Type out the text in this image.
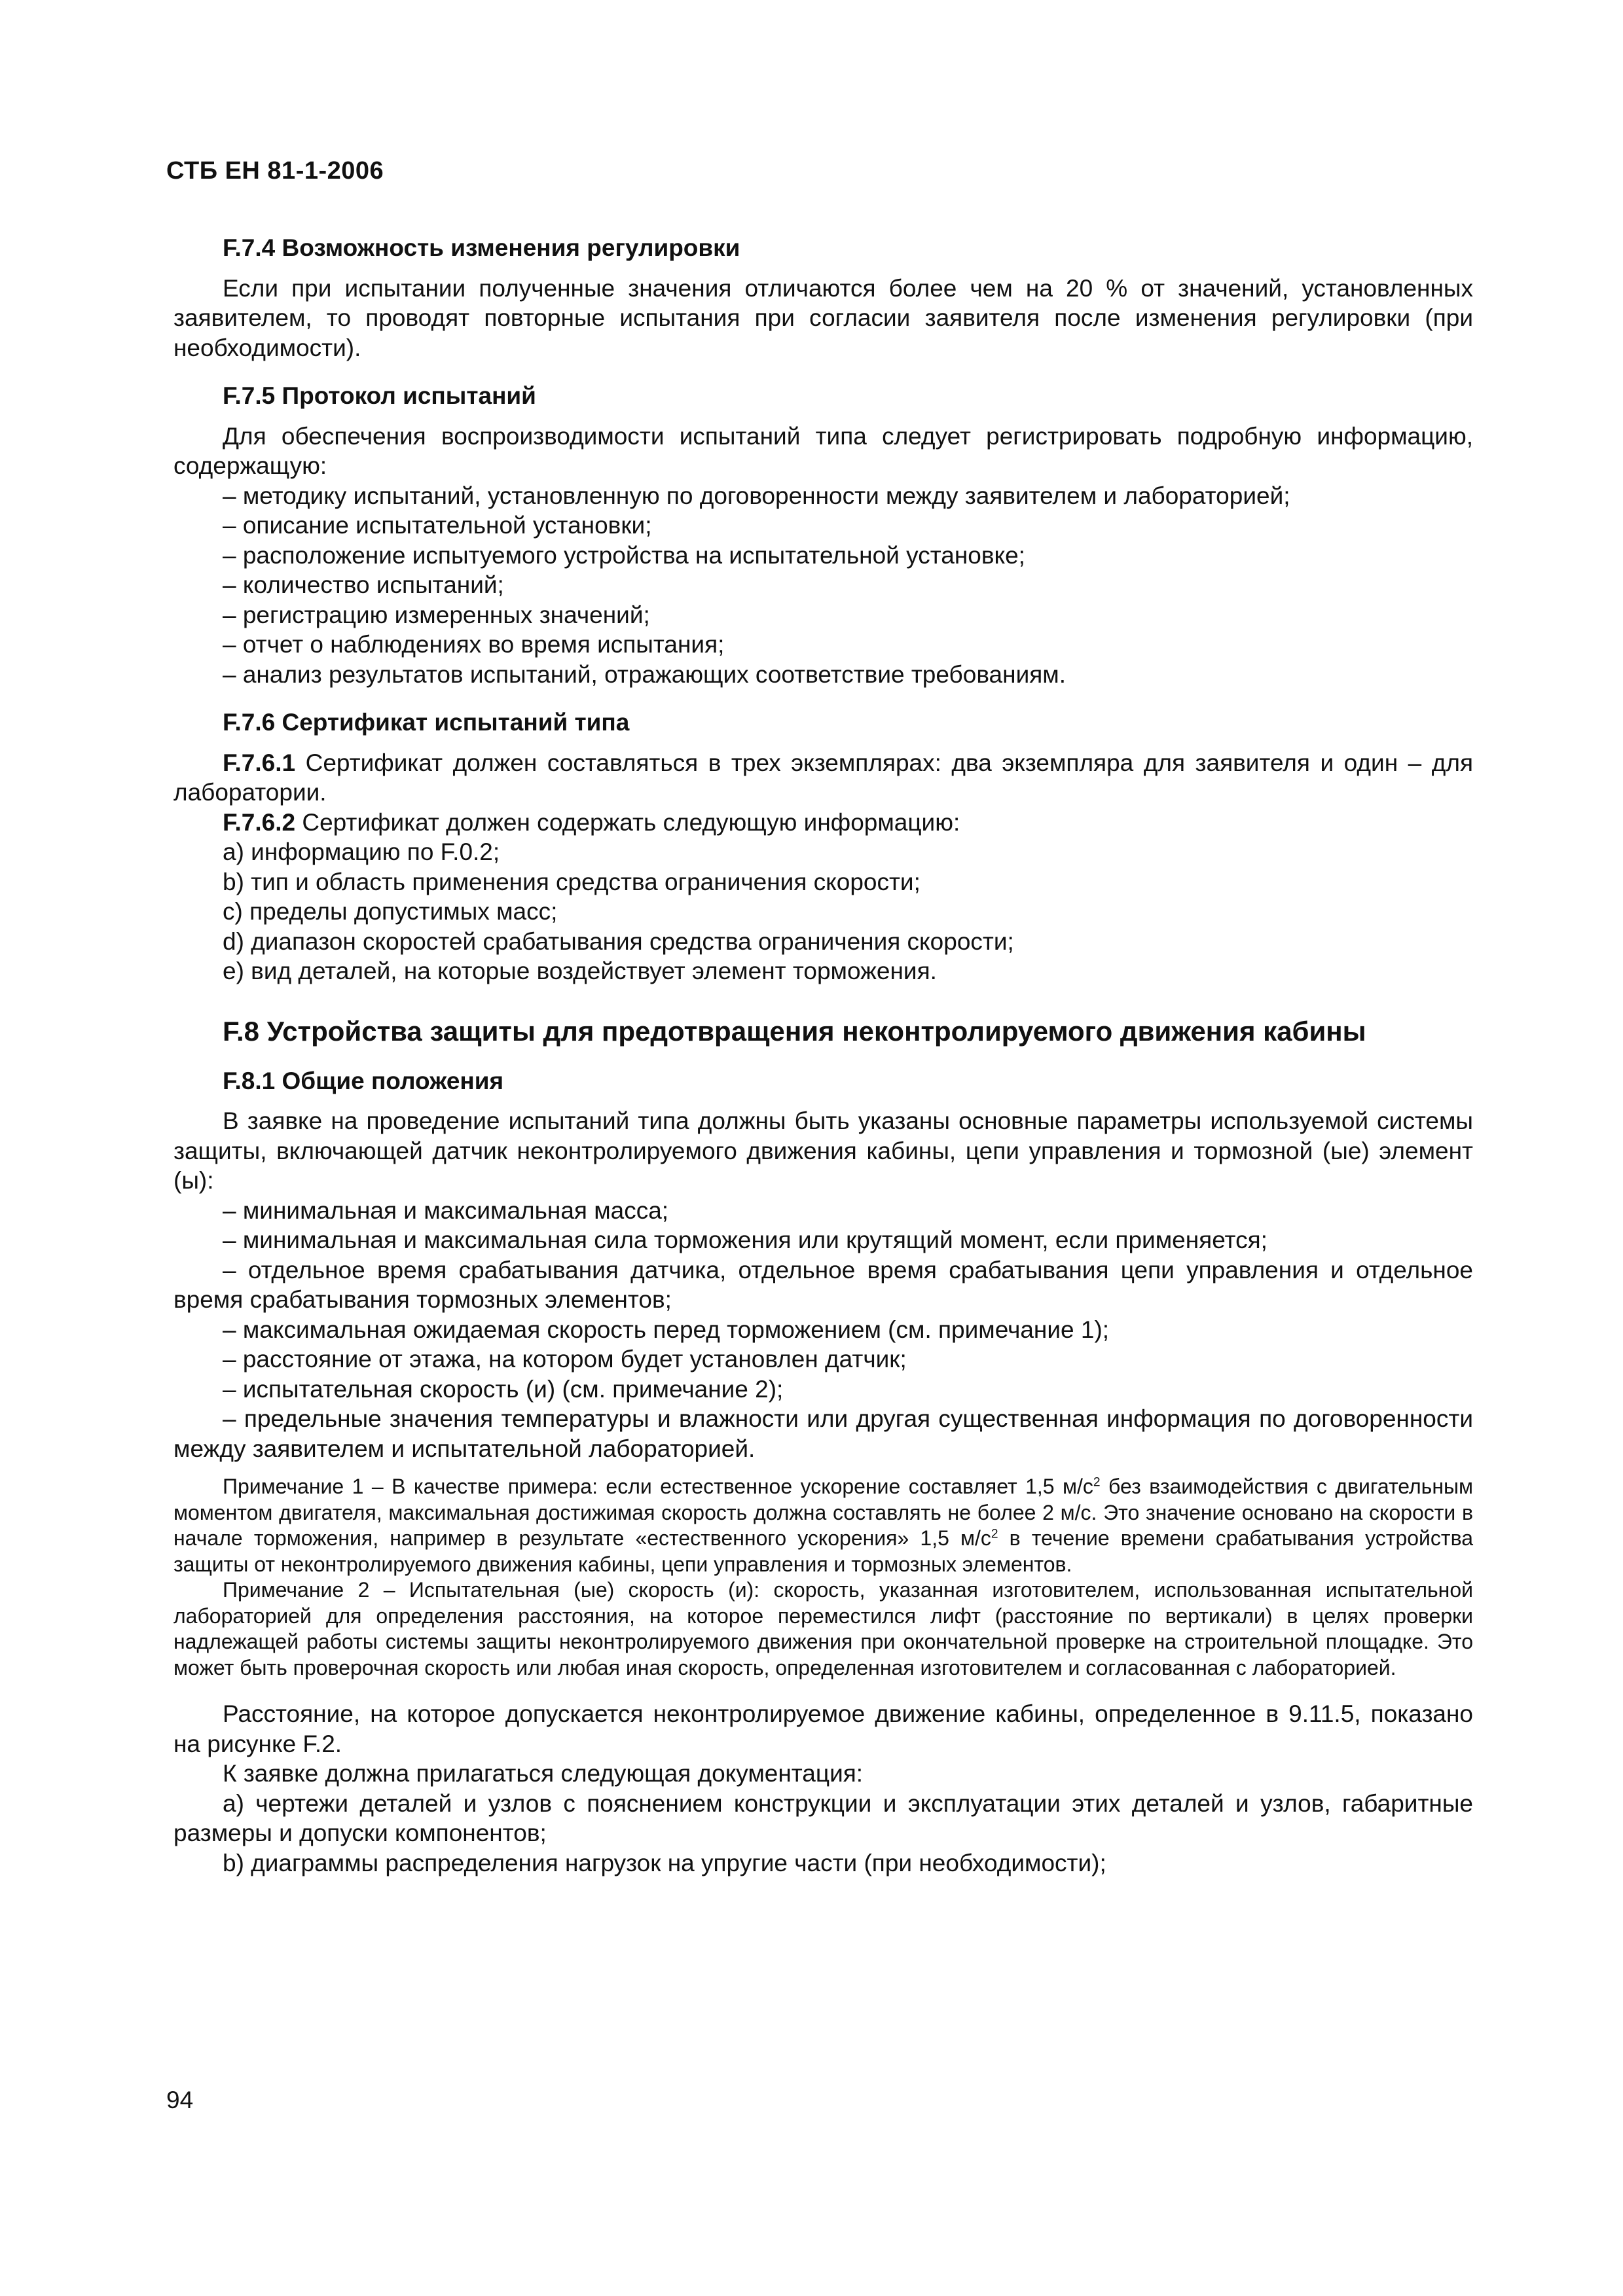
СТБ ЕН 81-1-2006
F.7.4 Возможность изменения регулировки

Если при испытании полученные значения отличаются более чем на 20 % от значений, установленных заявителем, то проводят повторные испытания при согласии заявителя после изменения регулировки (при необходимости).

F.7.5 Протокол испытаний

Для обеспечения воспроизводимости испытаний типа следует регистрировать подробную информацию, содержащую:

– методику испытаний, установленную по договоренности между заявителем и лабораторией;

– описание испытательной установки;

– расположение испытуемого устройства на испытательной установке;

– количество испытаний;

– регистрацию измеренных значений;

– отчет о наблюдениях во время испытания;

– анализ результатов испытаний, отражающих соответствие требованиям.

F.7.6 Сертификат испытаний типа

F.7.6.1 Сертификат должен составляться в трех экземплярах: два экземпляра для заявителя и один – для лаборатории.

F.7.6.2 Сертификат должен содержать следующую информацию:

a) информацию по F.0.2;

b) тип и область применения средства ограничения скорости;

c) пределы допустимых масс;

d) диапазон скоростей срабатывания средства ограничения скорости;

e) вид деталей, на которые воздействует элемент торможения.

F.8 Устройства защиты для предотвращения неконтролируемого движения кабины
F.8.1 Общие положения

В заявке на проведение испытаний типа должны быть указаны основные параметры используемой системы защиты, включающей датчик неконтролируемого движения кабины, цепи управления и тормозной (ые) элемент (ы):

– минимальная и максимальная масса;

– минимальная и максимальная сила торможения или крутящий момент, если применяется;

– отдельное время срабатывания датчика, отдельное время срабатывания цепи управления и отдельное время срабатывания тормозных элементов;

– максимальная ожидаемая скорость перед торможением (см. примечание 1);

– расстояние от этажа, на котором будет установлен датчик;

– испытательная скорость (и) (см. примечание 2);

– предельные значения температуры и влажности или другая существенная информация по договоренности между заявителем и испытательной лабораторией.

Примечание 1 – В качестве примера: если естественное ускорение составляет 1,5 $м/с^2$ без взаимодействия с двигательным моментом двигателя, максимальная достижимая скорость должна составлять не более 2 м/с. Это значение основано на скорости в начале торможения, например в результате «естественного ускорения» 1,5 $м/с^2$ в течение времени срабатывания устройства защиты от неконтролируемого движения кабины, цепи управления и тормозных элементов.

Примечание 2 – Испытательная (ые) скорость (и): скорость, указанная изготовителем, использованная испытательной лабораторией для определения расстояния, на которое переместился лифт (расстояние по вертикали) в целях проверки надлежащей работы системы защиты неконтролируемого движения при окончательной проверке на строительной площадке. Это может быть проверочная скорость или любая иная скорость, определенная изготовителем и согласованная с лабораторией.

Расстояние, на которое допускается неконтролируемое движение кабины, определенное в 9.11.5, показано на рисунке F.2.

К заявке должна прилагаться следующая документация:

a) чертежи деталей и узлов с пояснением конструкции и эксплуатации этих деталей и узлов, габаритные размеры и допуски компонентов;

b) диаграммы распределения нагрузок на упругие части (при необходимости);

94
